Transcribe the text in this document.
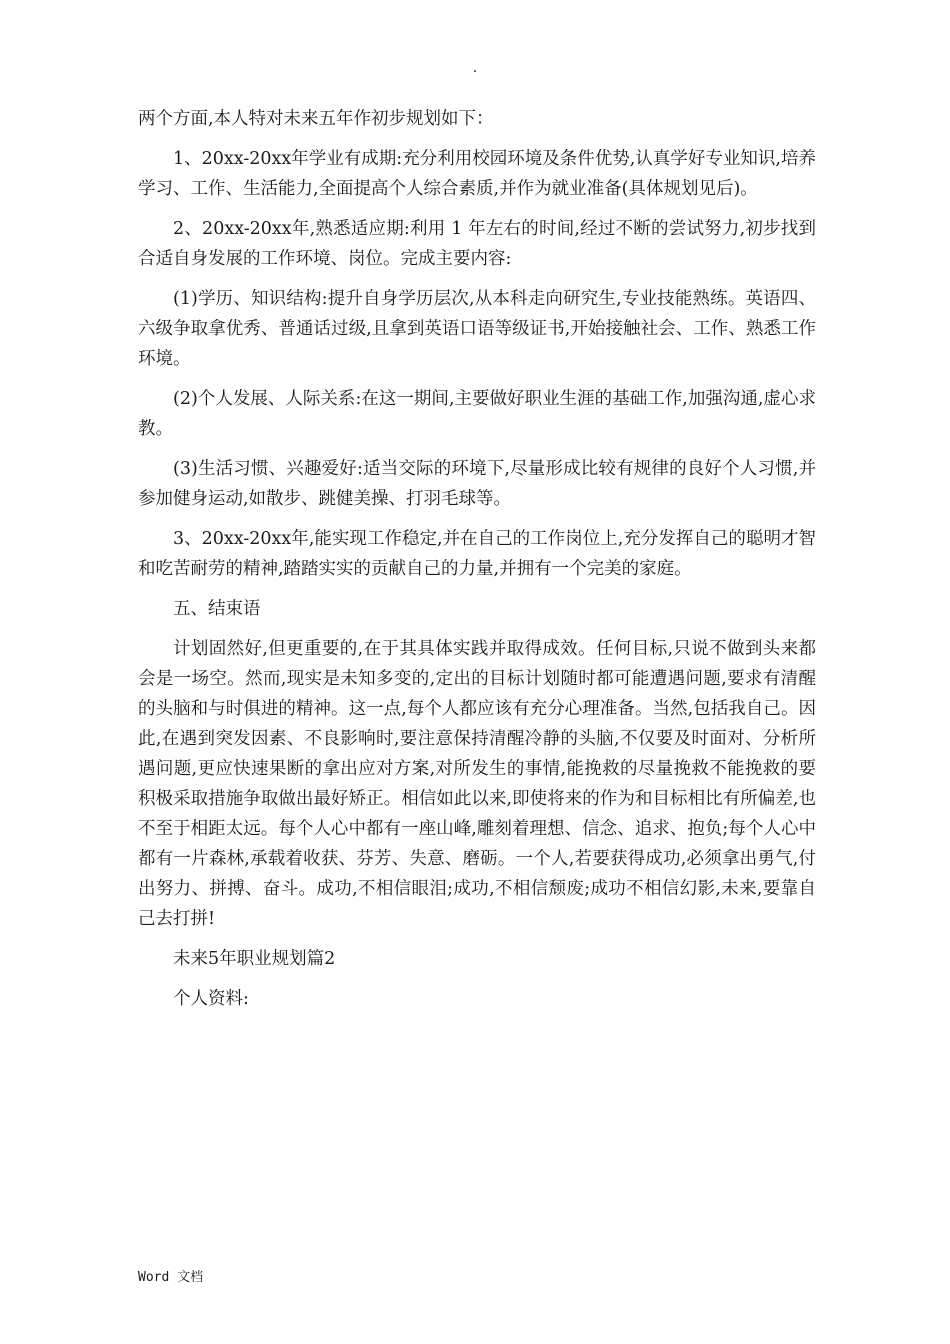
.

两个方面,本人特对未来五年作初步规划如下：

1、20xx-20xx年学业有成期:充分利用校园环境及条件优势,认真学好专业知识,培养学习、工作、生活能力,全面提高个人综合素质,并作为就业准备(具体规划见后)。

2、20xx-20xx年,熟悉适应期:利用 1 年左右的时间,经过不断的尝试努力,初步找到合适自身发展的工作环境、岗位。完成主要内容:

(1)学历、知识结构:提升自身学历层次,从本科走向研究生,专业技能熟练。英语四、六级争取拿优秀、普通话过级,且拿到英语口语等级证书,开始接触社会、工作、熟悉工作环境。

(2)个人发展、人际关系:在这一期间,主要做好职业生涯的基础工作,加强沟通,虚心求教。

(3)生活习惯、兴趣爱好:适当交际的环境下,尽量形成比较有规律的良好个人习惯,并参加健身运动,如散步、跳健美操、打羽毛球等。

3、20xx-20xx年,能实现工作稳定,并在自己的工作岗位上,充分发挥自己的聪明才智和吃苦耐劳的精神,踏踏实实的贡献自己的力量,并拥有一个完美的家庭。

五、结束语

计划固然好,但更重要的,在于其具体实践并取得成效。任何目标,只说不做到头来都会是一场空。然而,现实是未知多变的,定出的目标计划随时都可能遭遇问题,要求有清醒的头脑和与时俱进的精神。这一点,每个人都应该有充分心理准备。当然,包括我自己。因此,在遇到突发因素、不良影响时,要注意保持清醒冷静的头脑,不仅要及时面对、分析所遇问题,更应快速果断的拿出应对方案,对所发生的事情,能挽救的尽量挽救不能挽救的要积极采取措施争取做出最好矫正。相信如此以来,即使将来的作为和目标相比有所偏差,也不至于相距太远。每个人心中都有一座山峰,雕刻着理想、信念、追求、抱负;每个人心中都有一片森林,承载着收获、芬芳、失意、磨砺。一个人,若要获得成功,必须拿出勇气,付出努力、拼搏、奋斗。成功,不相信眼泪;成功,不相信颓废;成功不相信幻影,未来,要靠自己去打拼!

未来5年职业规划篇2

个人资料:

Word 文档
